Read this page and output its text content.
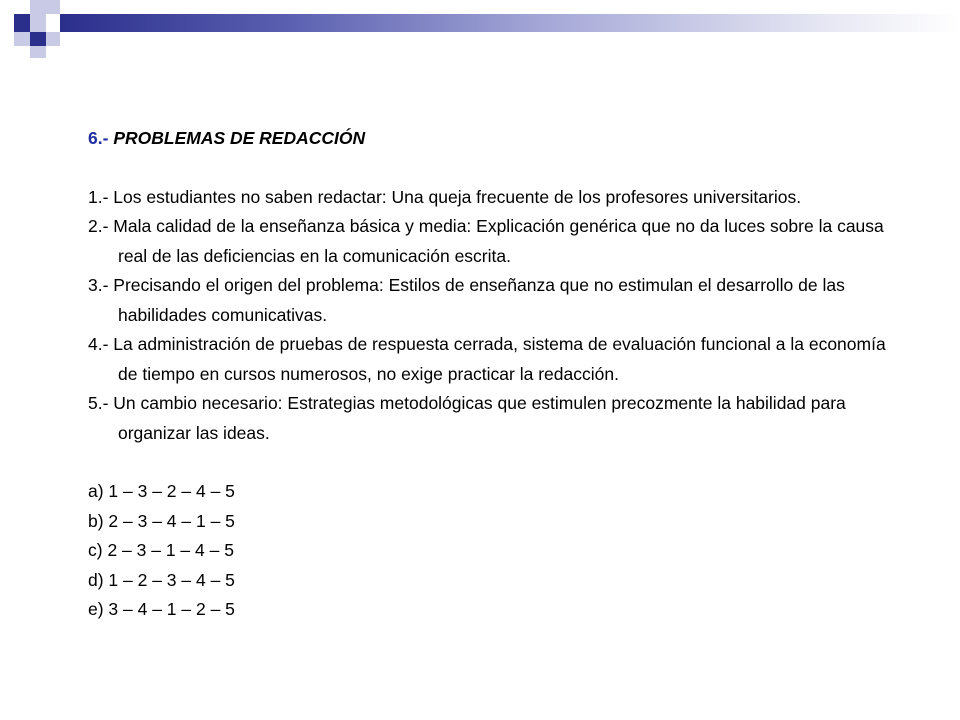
6.- PROBLEMAS DE REDACCIÓN
1.- Los estudiantes no saben redactar: Una queja frecuente de los profesores universitarios.
2.- Mala calidad de la enseñanza básica y media: Explicación genérica que no da luces sobre la causa real de las deficiencias en la comunicación escrita.
3.- Precisando el origen del problema: Estilos de enseñanza que no estimulan el desarrollo de las habilidades comunicativas.
4.- La administración de pruebas de respuesta cerrada, sistema de evaluación funcional a la economía de tiempo en cursos numerosos, no exige practicar la redacción.
5.- Un cambio necesario: Estrategias metodológicas que estimulen precozmente la habilidad para organizar las ideas.
a) 1 – 3 – 2 – 4 – 5
b) 2 – 3 – 4 – 1 – 5
c) 2 – 3 – 1 – 4 – 5
d) 1 – 2 – 3 – 4 – 5
e) 3 – 4 – 1 – 2 – 5
